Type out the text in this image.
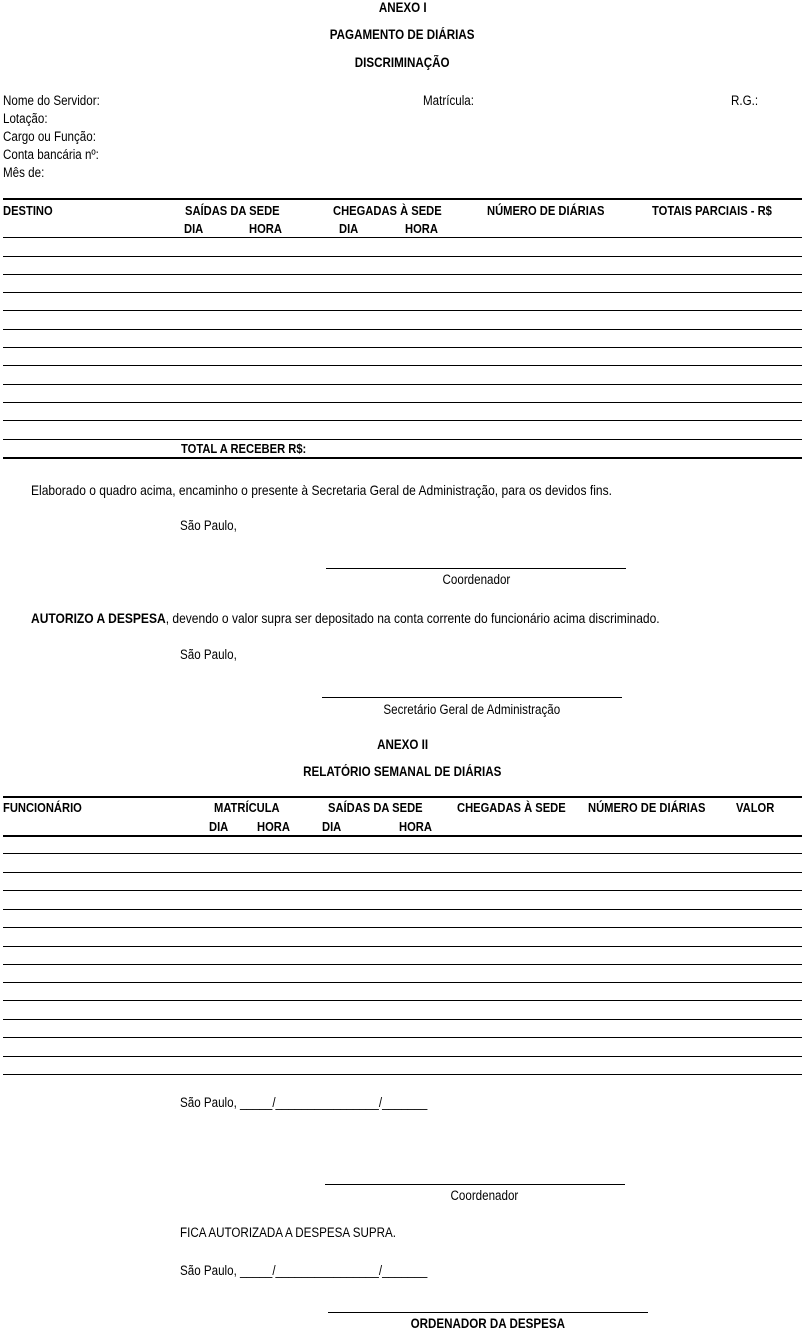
ANEXO I
PAGAMENTO DE DIÁRIAS
DISCRIMINAÇÃO
Nome do Servidor:	Matrícula:	R.G.:
Lotação:
Cargo ou Função:
Conta bancária nº:
Mês de:
DESTINO	SAÍDAS DA SEDE	CHEGADAS À SEDE	NÚMERO DE DIÁRIAS	TOTAIS PARCIAIS - R$
DIA	HORA	DIA	HORA
TOTAL A RECEBER R$:
Elaborado o quadro acima, encaminho o presente à Secretaria Geral de Administração, para os devidos fins.
São Paulo,
Coordenador
AUTORIZO A DESPESA, devendo o valor supra ser depositado na conta corrente do funcionário acima discriminado.
São Paulo,
Secretário Geral de Administração
ANEXO II
RELATÓRIO SEMANAL DE DIÁRIAS
FUNCIONÁRIO	MATRÍCULA	SAÍDAS DA SEDE	CHEGADAS À SEDE	NÚMERO DE DIÁRIAS	VALOR
DIA HORA	DIA	HORA
São Paulo, _____/________________/_______
Coordenador
FICA AUTORIZADA A DESPESA SUPRA.
São Paulo, _____/________________/_______
ORDENADOR DA DESPESA
